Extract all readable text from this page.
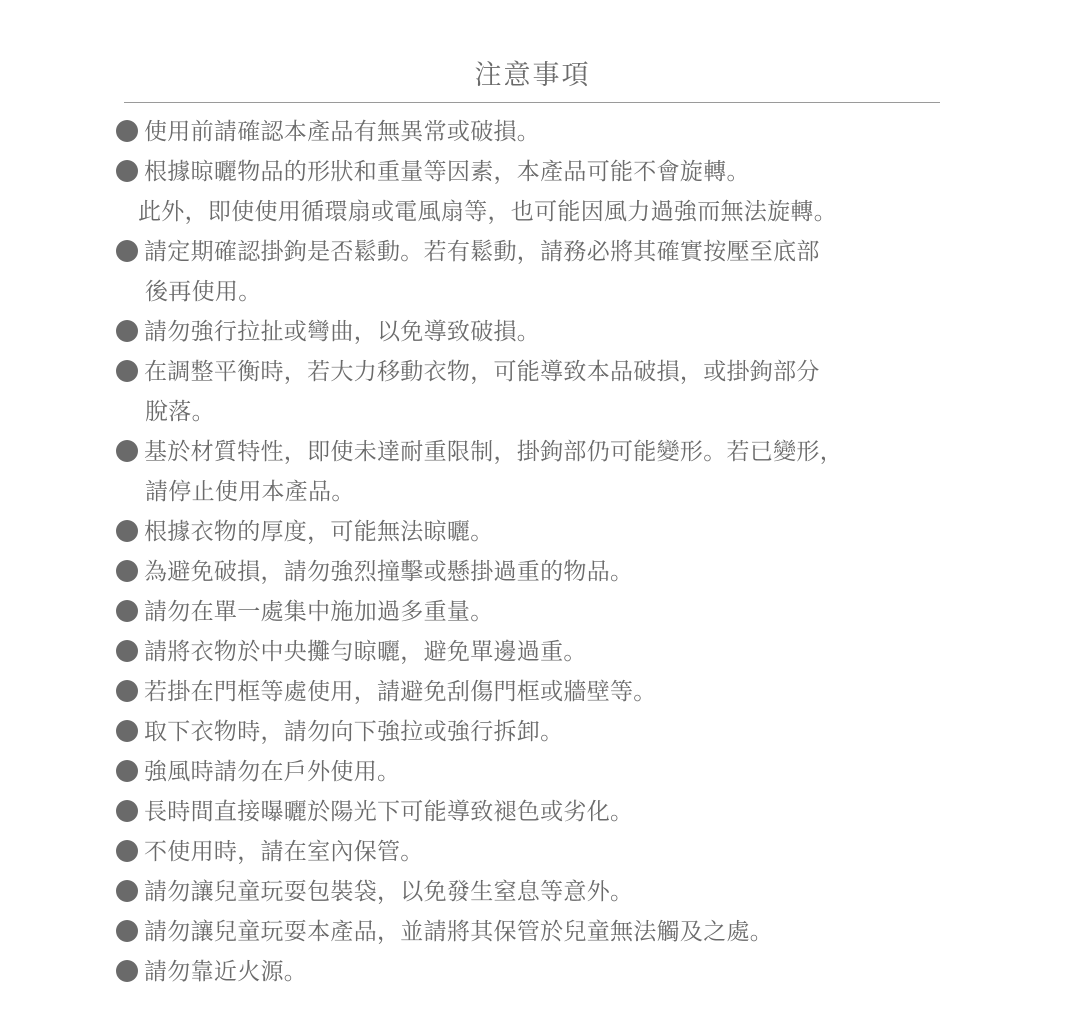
注意事項
使用前請確認本產品有無異常或破損。
根據晾曬物品的形狀和重量等因素，本產品可能不會旋轉。
此外，即使使用循環扇或電風扇等，也可能因風力過強而無法旋轉。
請定期確認掛鉤是否鬆動。若有鬆動，請務必將其確實按壓至底部
後再使用。
請勿強行拉扯或彎曲，以免導致破損。
在調整平衡時，若大力移動衣物，可能導致本品破損，或掛鉤部分
脫落。
基於材質特性，即使未達耐重限制，掛鉤部仍可能變形。若已變形，
請停止使用本產品。
根據衣物的厚度，可能無法晾曬。
為避免破損，請勿強烈撞擊或懸掛過重的物品。
請勿在單一處集中施加過多重量。
請將衣物於中央攤勻晾曬，避免單邊過重。
若掛在門框等處使用，請避免刮傷門框或牆壁等。
取下衣物時，請勿向下強拉或強行拆卸。
強風時請勿在戶外使用。
長時間直接曝曬於陽光下可能導致褪色或劣化。
不使用時，請在室內保管。
請勿讓兒童玩耍包裝袋，以免發生窒息等意外。
請勿讓兒童玩耍本產品，並請將其保管於兒童無法觸及之處。
請勿靠近火源。
